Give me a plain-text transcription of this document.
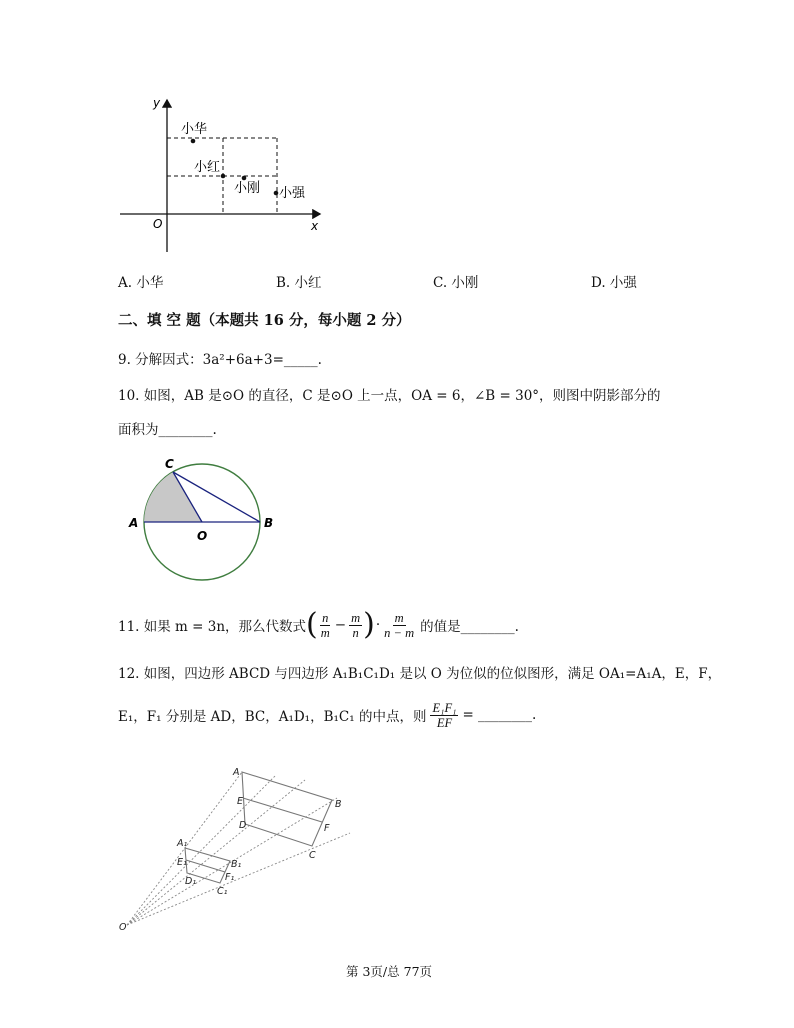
y
x
O
小华
小红
小刚 小强
A. 小华	B. 小红	C. 小刚	D. 小强
二、填 空 题（本题共 16 分，每小题 2 分）
9. 分解因式：3a²+6a+3=_____.
10. 如图，AB 是⊙O 的直径，C 是⊙O 上一点，OA = 6，∠B = 30°，则图中阴影部分的
面积为________.
C
A
O
B
11. 如果 m = 3n，那么代数式 ( $\frac{n}{m} - \frac{m}{n}$ ) · $\frac{m}{n - m}$ 的值是________.
12. 如图，四边形 ABCD 与四边形 A₁B₁C₁D₁ 是以 O 为位似的位似图形，满足 OA₁=A₁A，E，F，
E₁，F₁ 分别是 AD，BC，A₁D₁，B₁C₁ 的中点，则 $\frac{\text{E₁F₁}}{EF}$ = ________.
A
B
C
D
E
F
A₁
B₁
C₁
D₁
E₁
F₁
O
第 3页/总 77页
